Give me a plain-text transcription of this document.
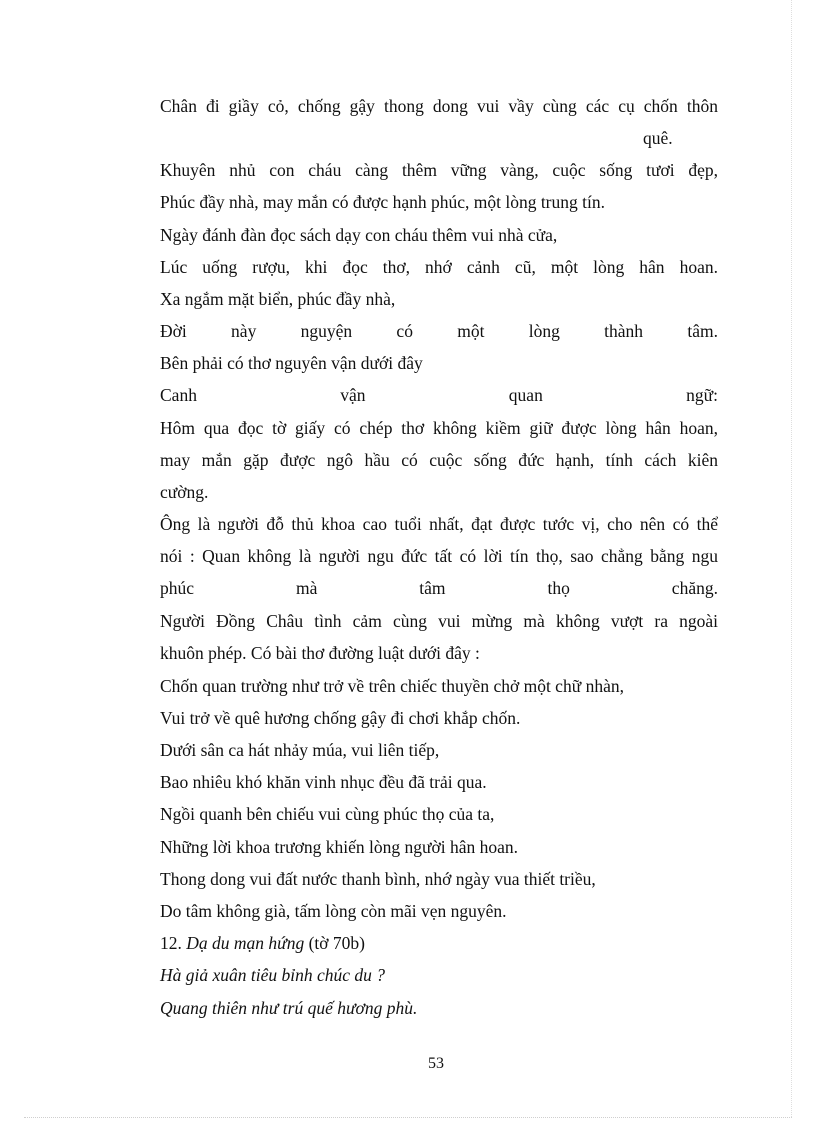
Chân đi giầy cỏ, chống gậy thong dong vui vầy cùng các cụ chốn thôn
quê.
Khuyên nhủ con cháu càng thêm vững vàng, cuộc sống tươi đẹp,
Phúc đầy nhà, may mắn có được hạnh phúc, một lòng trung tín.
Ngày đánh đàn đọc sách dạy con cháu thêm vui nhà cửa,
Lúc uống rượu, khi đọc thơ, nhớ cảnh cũ, một lòng hân hoan.
Xa ngắm mặt biển, phúc đầy nhà,
Đời	này	nguyện	có	một	lòng	thành	tâm.
Bên phải có thơ nguyên vận dưới đây
Canh	vận	quan	ngữ:
Hôm qua đọc tờ giấy có chép thơ không kiềm giữ được lòng hân hoan,
may mắn gặp được ngô hầu có cuộc sống đức hạnh, tính cách kiên
cường.
Ông là người đỗ thủ khoa cao tuổi nhất, đạt được tước vị, cho nên có thể
nói : Quan không là người ngu đức tất có lời tín thọ, sao chẳng bằng ngu
phúc	mà	tâm	thọ	chăng.
Người Đồng Châu tình cảm cùng vui mừng mà không vượt ra ngoài
khuôn phép. Có bài thơ đường luật dưới đây :
Chốn quan trường như trở về trên chiếc thuyền chở một chữ nhàn,
Vui trở về quê hương chống gậy đi chơi khắp chốn.
Dưới sân ca hát nhảy múa, vui liên tiếp,
Bao nhiêu khó khăn vinh nhục đều đã trải qua.
Ngồi quanh bên chiếu vui cùng phúc thọ của ta,
Những lời khoa trương khiến lòng người hân hoan.
Thong dong vui đất nước thanh bình, nhớ ngày vua thiết triều,
Do tâm không già, tấm lòng còn mãi vẹn nguyên.
12. Dạ du mạn hứng (tờ 70b)
Hà giả xuân tiêu bỉnh chúc du ?
Quang thiên như trú quế hương phù.
53
